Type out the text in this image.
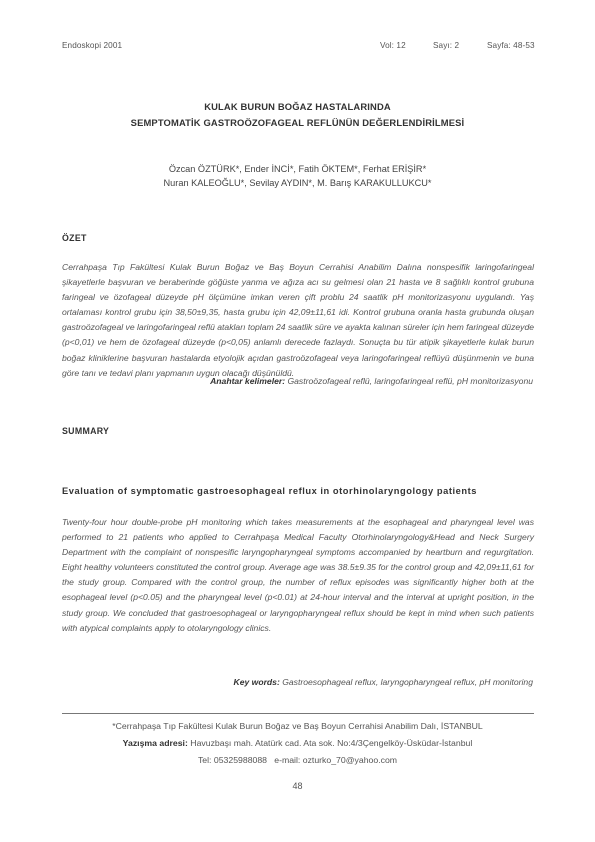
Endoskopi 2001	Vol: 12	Sayı: 2	Sayfa: 48-53
KULAK BURUN BOĞAZ HASTALARINDA
SEMPTOMATİK GASTROÖZOFAGEAL REFLÜNÜN DEĞERLENDİRİLMESİ
Özcan ÖZTÜRK*, Ender İNCİ*, Fatih ÖKTEM*, Ferhat ERİŞİR*
Nuran KALEOĞLU*, Sevilay AYDIN*, M. Barış KARAKULLUKCU*
ÖZET
Cerrahpaşa Tıp Fakültesi Kulak Burun Boğaz ve Baş Boyun Cerrahisi Anabilim Dalına nonspesifik laringofaringeal şikayetlerle başvuran ve beraberinde göğüste yanma ve ağıza acı su gelmesi olan 21 hasta ve 8 sağlıklı kontrol grubuna faringeal ve özofageal düzeyde pH ölçümüne imkan veren çift problu 24 saatlik pH monitorizasyonu uygulandı. Yaş ortalaması kontrol grubu için 38,50±9,35, hasta grubu için 42,09±11,61 idi. Kontrol grubuna oranla hasta grubunda oluşan gastroözofageal ve laringofaringeal reflü atakları toplam 24 saatlik süre ve ayakta kalınan süreler için hem faringeal düzeyde (p<0,01) ve hem de özofageal düzeyde (p<0,05) anlamlı derecede fazlaydı. Sonuçta bu tür atipik şikayetlerle kulak burun boğaz kliniklerine başvuran hastalarda etyolojik açıdan gastroözofageal veya laringofaringeal reflüyü düşünmenin ve buna göre tanı ve tedavi planı yapmanın uygun olacağı düşünüldü.
Anahtar kelimeler: Gastroözofageal reflü, laringofaringeal reflü, pH monitorizasyonu
SUMMARY
Evaluation of symptomatic gastroesophageal reflux in otorhinolaryngology patients
Twenty-four hour double-probe pH monitoring which takes measurements at the esophageal and pharyngeal level was performed to 21 patients who applied to Cerrahpaşa Medical Faculty Otorhinolaryngology&Head and Neck Surgery Department with the complaint of nonspesific laryngopharyngeal symptoms accompanied by heartburn and regurgitation. Eight healthy volunteers constituted the control group. Average age was 38.5±9.35 for the control group and 42,09±11,61 for the study group. Compared with the control group, the number of reflux episodes was significantly higher both at the esophageal level (p<0.05) and the pharyngeal level (p<0.01) at 24-hour interval and the interval at upright position, in the study group. We concluded that gastroesophageal or laryngopharyngeal reflux should be kept in mind when such patients with atypical complaints apply to otolaryngology clinics.
Key words: Gastroesophageal reflux, laryngopharyngeal reflux, pH monitoring
*Cerrahpaşa Tıp Fakültesi Kulak Burun Boğaz ve Baş Boyun Cerrahisi Anabilim Dalı, İSTANBUL
Yazışma adresi: Havuzbaşı mah. Atatürk cad. Ata sok. No:4/3Çengelköy-Üsküdar-İstanbul
Tel: 05325988088   e-mail: ozturko_70@yahoo.com
48
